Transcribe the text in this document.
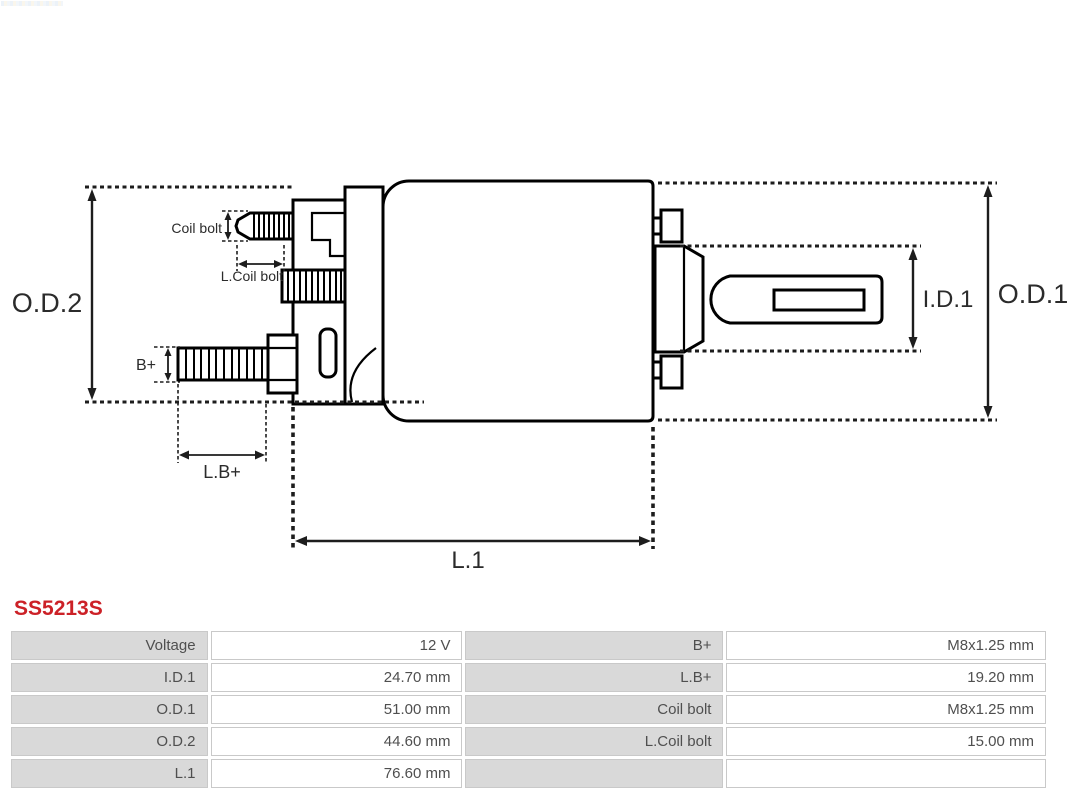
O.D.2
Coil bolt
L.Coil bolt
B+
L.B+
L.1
I.D.1 O.D.1
SS5213S
Voltage	12 V	B+	M8x1.25 mm
I.D.1	24.70 mm	L.B+	19.20 mm
O.D.1	51.00 mm	Coil bolt	M8x1.25 mm
O.D.2	44.60 mm	L.Coil bolt	15.00 mm
L.1	76.60 mm		
